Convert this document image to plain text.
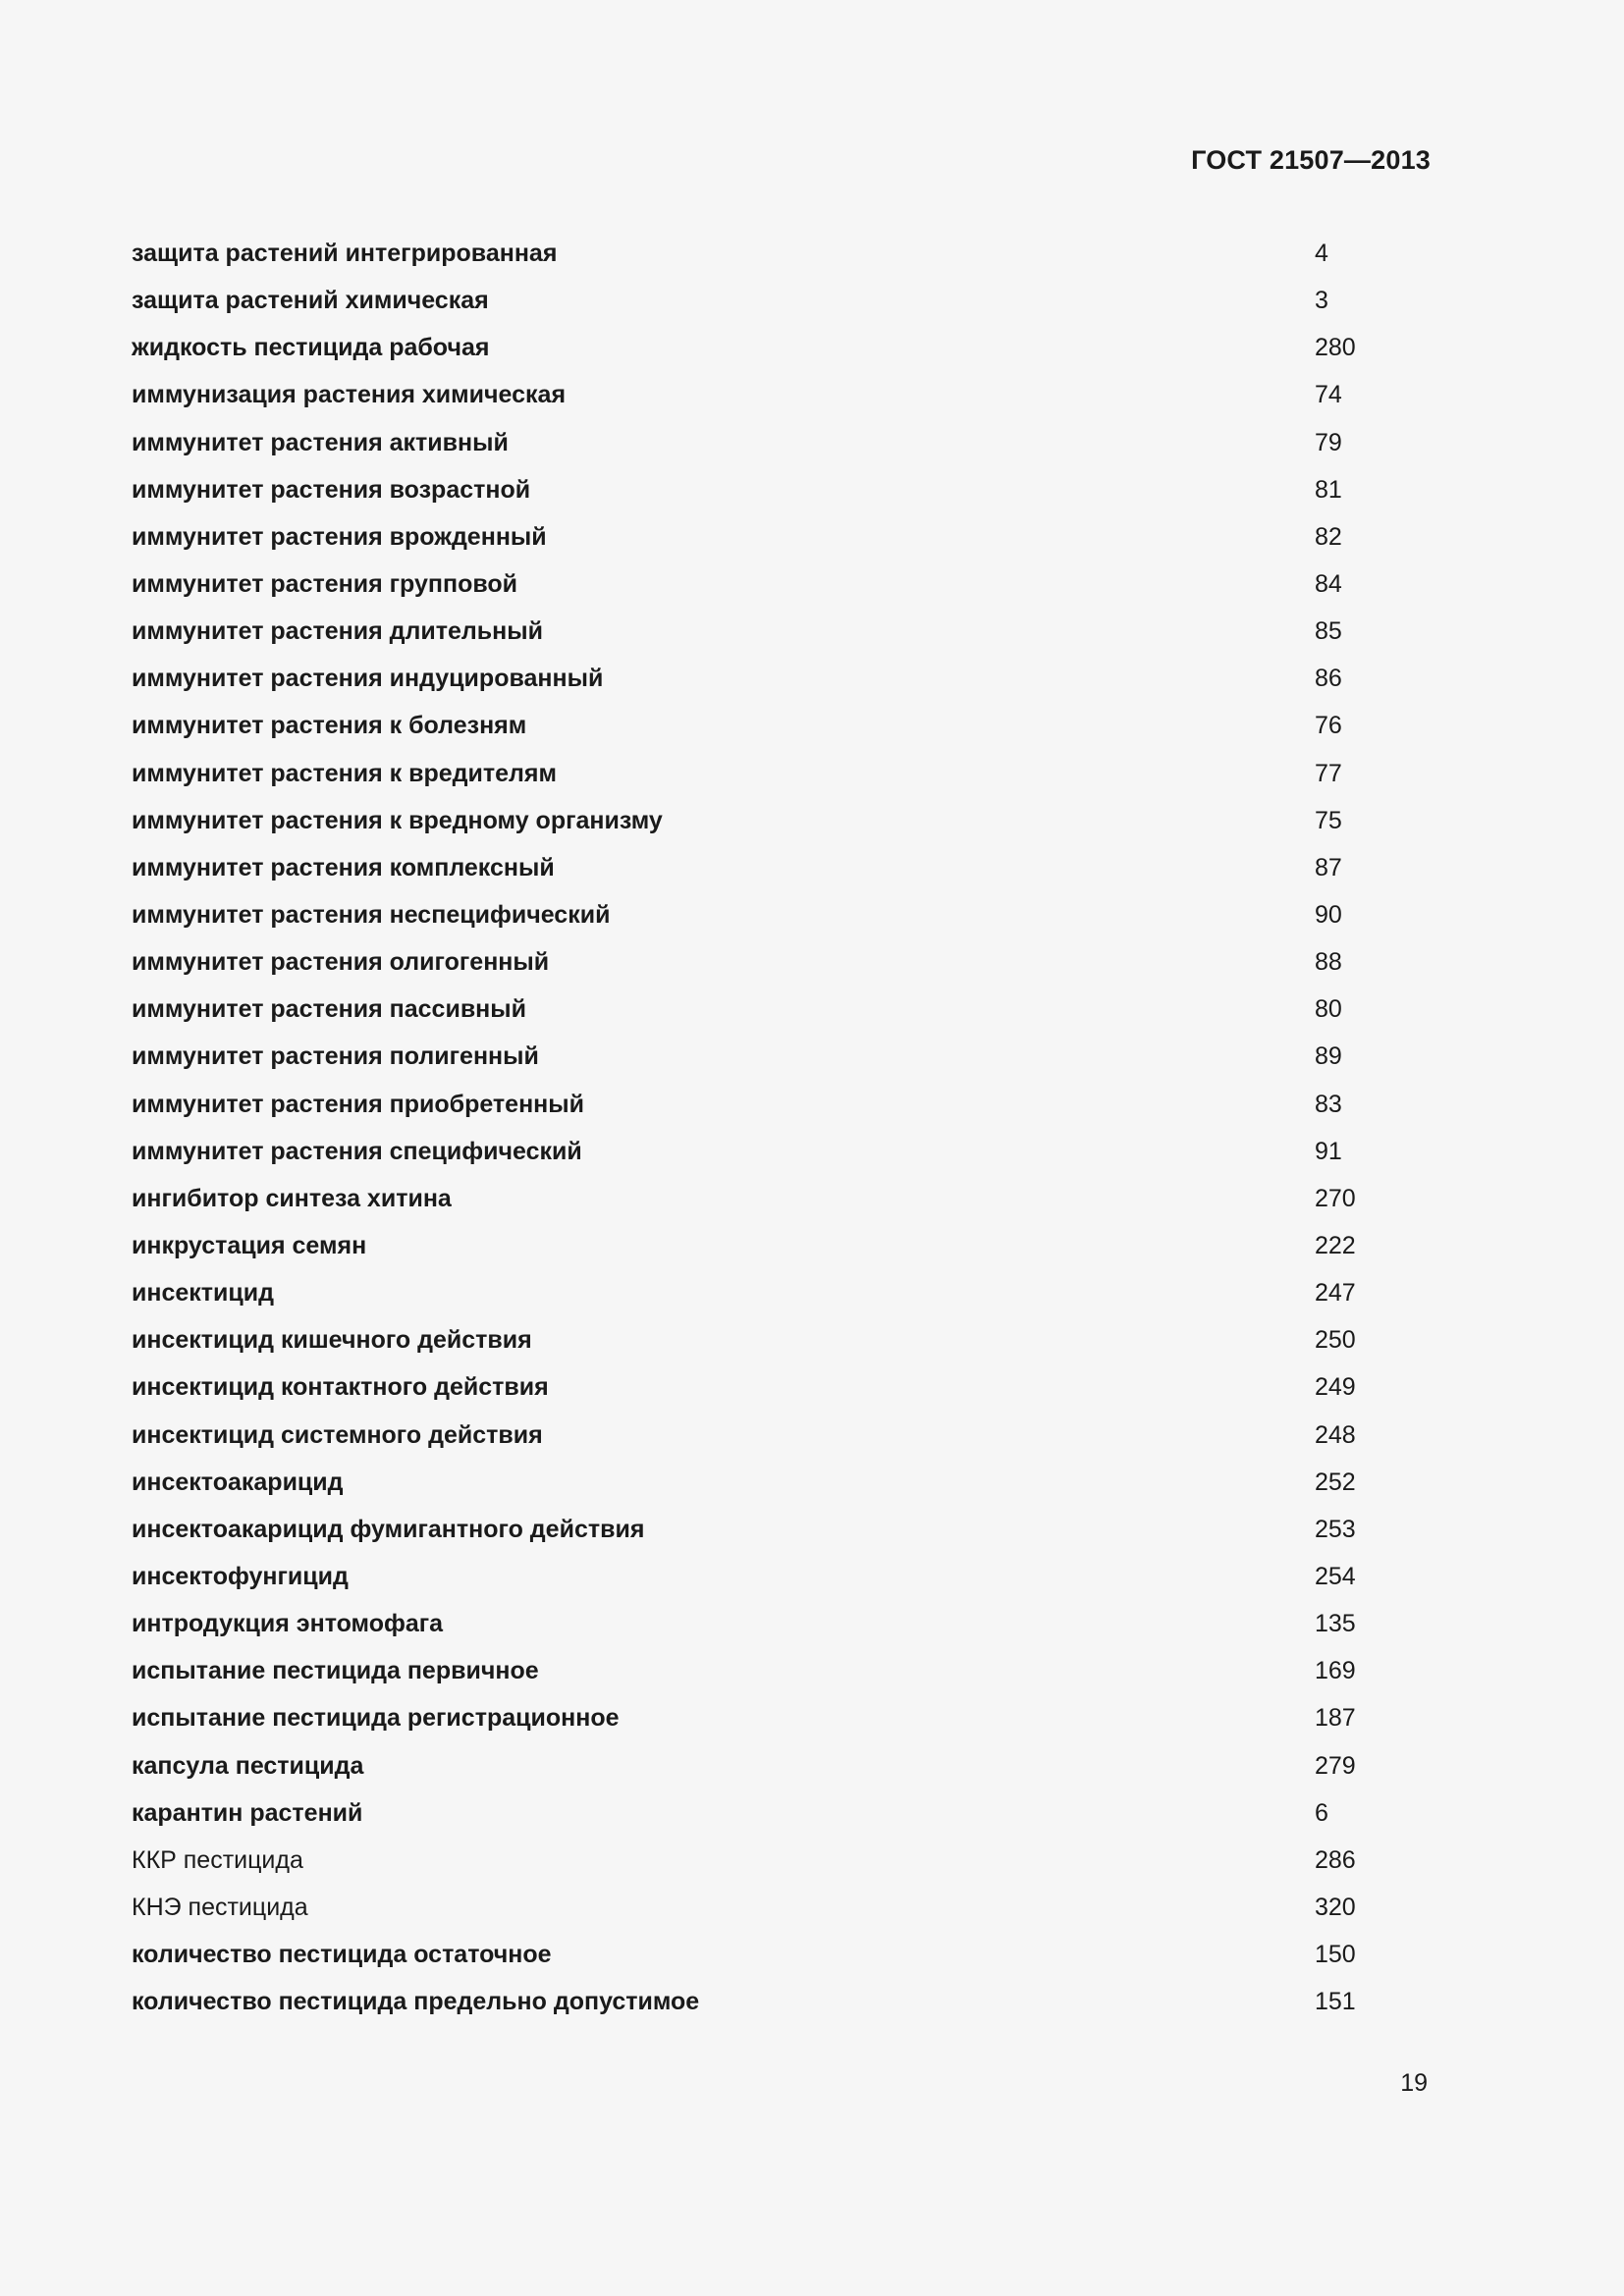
ГОСТ 21507—2013
защита растений интегрированная	4
защита растений химическая	3
жидкость пестицида рабочая	280
иммунизация растения химическая	74
иммунитет растения активный	79
иммунитет растения возрастной	81
иммунитет растения врожденный	82
иммунитет растения групповой	84
иммунитет растения длительный	85
иммунитет растения индуцированный	86
иммунитет растения к болезням	76
иммунитет растения к вредителям	77
иммунитет растения к вредному организму	75
иммунитет растения комплексный	87
иммунитет растения неспецифический	90
иммунитет растения олигогенный	88
иммунитет растения пассивный	80
иммунитет растения полигенный	89
иммунитет растения приобретенный	83
иммунитет растения специфический	91
ингибитор синтеза хитина	270
инкрустация семян	222
инсектицид	247
инсектицид кишечного действия	250
инсектицид контактного действия	249
инсектицид системного действия	248
инсектоакарицид	252
инсектоакарицид фумигантного действия	253
инсектофунгицид	254
интродукция энтомофага	135
испытание пестицида первичное	169
испытание пестицида регистрационное	187
капсула пестицида	279
карантин растений	6
ККР пестицида	286
КНЭ пестицида	320
количество пестицида остаточное	150
количество пестицида предельно допустимое	151
19
